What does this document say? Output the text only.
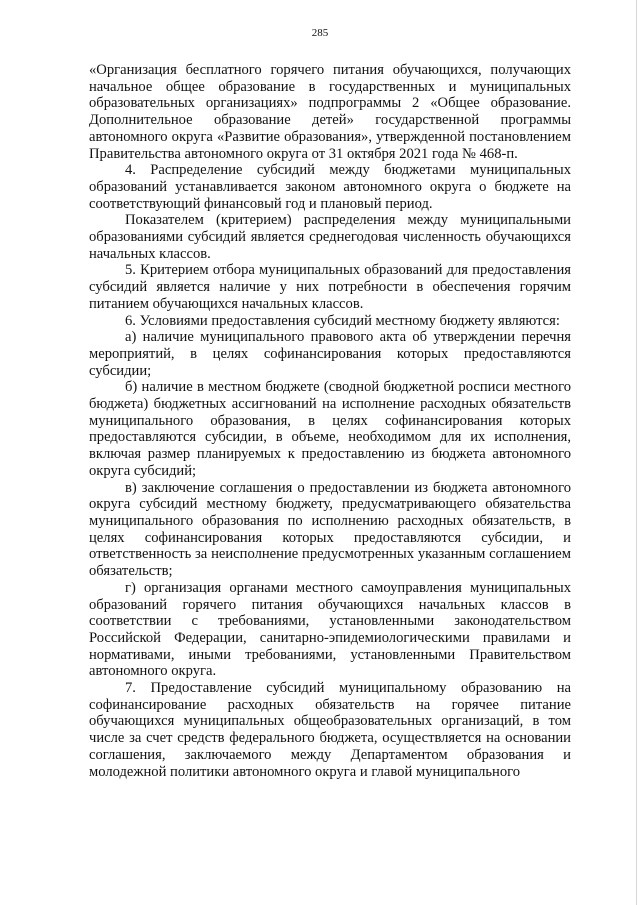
285

«Организация бесплатного горячего питания обучающихся, получающих начальное общее образование в государственных и муниципальных образовательных организациях» подпрограммы 2 «Общее образование. Дополнительное образование детей» государственной программы автономного округа «Развитие образования», утвержденной постановлением Правительства автономного округа от 31 октября 2021 года № 468-п.

4. Распределение субсидий между бюджетами муниципальных образований устанавливается законом автономного округа о бюджете на соответствующий финансовый год и плановый период.

Показателем (критерием) распределения между муниципальными образованиями субсидий является среднегодовая численность обучающихся начальных классов.

5. Критерием отбора муниципальных образований для предоставления субсидий является наличие у них потребности в обеспечения горячим питанием обучающихся начальных классов.

6. Условиями предоставления субсидий местному бюджету являются:

а) наличие муниципального правового акта об утверждении перечня мероприятий, в целях софинансирования которых предоставляются субсидии;

б) наличие в местном бюджете (сводной бюджетной росписи местного бюджета) бюджетных ассигнований на исполнение расходных обязательств муниципального образования, в целях софинансирования которых предоставляются субсидии, в объеме, необходимом для их исполнения, включая размер планируемых к предоставлению из бюджета автономного округа субсидий;

в) заключение соглашения о предоставлении из бюджета автономного округа субсидий местному бюджету, предусматривающего обязательства муниципального образования по исполнению расходных обязательств, в целях софинансирования которых предоставляются субсидии, и ответственность за неисполнение предусмотренных указанным соглашением обязательств;

г) организация органами местного самоуправления муниципальных образований горячего питания обучающихся начальных классов в соответствии с требованиями, установленными законодательством Российской Федерации, санитарно-эпидемиологическими правилами и нормативами, иными требованиями, установленными Правительством автономного округа.

7. Предоставление субсидий муниципальному образованию на софинансирование расходных обязательств на горячее питание обучающихся муниципальных общеобразовательных организаций, в том числе за счет средств федерального бюджета, осуществляется на основании соглашения, заключаемого между Департаментом образования и молодежной политики автономного округа и главой муниципального
